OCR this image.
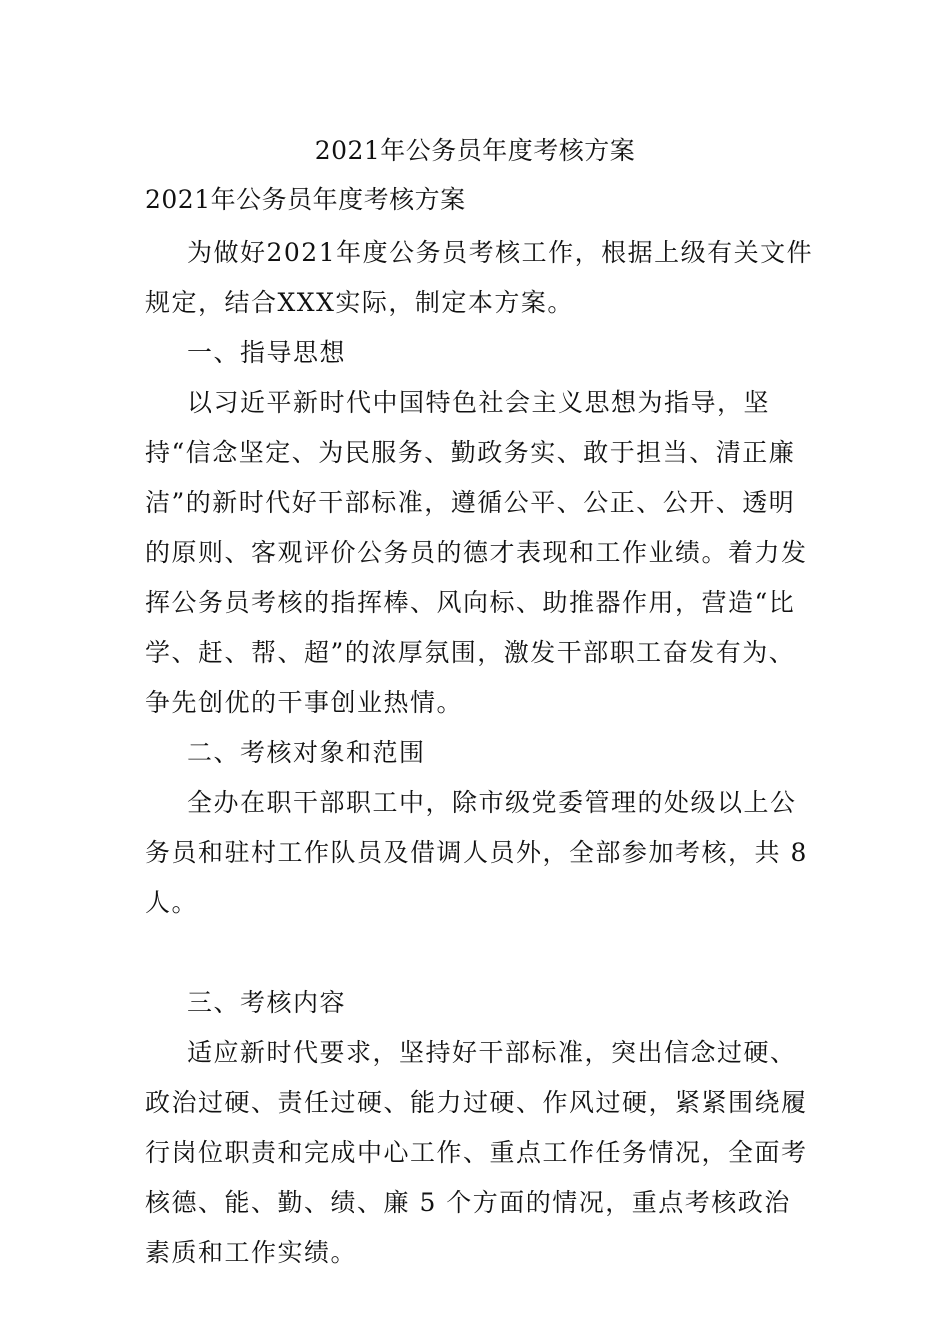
2021年公务员年度考核方案
2021年公务员年度考核方案

为做好2021年度公务员考核工作，根据上级有关文件规定，结合XXX实际，制定本方案。

一、指导思想

以习近平新时代中国特色社会主义思想为指导，坚持“信念坚定、为民服务、勤政务实、敢于担当、清正廉洁”的新时代好干部标准，遵循公平、公正、公开、透明的原则、客观评价公务员的德才表现和工作业绩。着力发挥公务员考核的指挥棒、风向标、助推器作用，营造“比学、赶、帮、超”的浓厚氛围，激发干部职工奋发有为、争先创优的干事创业热情。

二、考核对象和范围

全办在职干部职工中，除市级党委管理的处级以上公务员和驻村工作队员及借调人员外，全部参加考核，共 8 人。

三、考核内容

适应新时代要求，坚持好干部标准，突出信念过硬、政治过硬、责任过硬、能力过硬、作风过硬，紧紧围绕履行岗位职责和完成中心工作、重点工作任务情况，全面考核德、能、勤、绩、廉 5 个方面的情况，重点考核政治素质和工作实绩。
